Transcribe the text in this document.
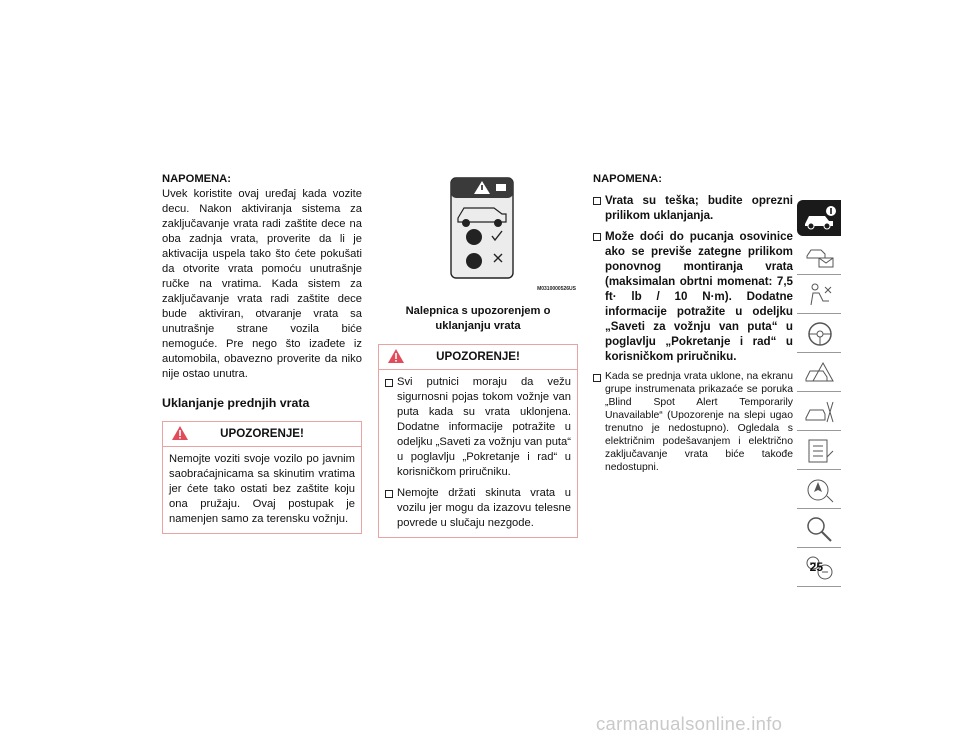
NAPOMENA:
Uvek koristite ovaj uređaj kada vozite decu. Nakon aktiviranja sistema za zaključavanje vrata radi zaštite dece na oba zadnja vrata, proverite da li je aktivacija uspela tako što ćete pokušati da otvorite vrata pomoću unutrašnje ručke na vratima. Kada sistem za zaključavanje vrata radi zaštite dece bude aktiviran, otvaranje vrata sa unutrašnje strane vozila biće nemoguće. Pre nego što izađete iz automobila, obavezno proverite da niko nije ostao unutra.
Uklanjanje prednjih vrata
UPOZORENJE!
Nemojte voziti svoje vozilo po javnim saobraćajnicama sa skinutim vratima jer ćete tako ostati bez zaštite koju ona pružaju. Ovaj postupak je namenjen samo za terensku vožnju.
M0310000526US
Nalepnica s upozorenjem o uklanjanju vrata
UPOZORENJE!
Svi putnici moraju da vežu sigurnosni pojas tokom vožnje van puta kada su vrata uklonjena. Dodatne informacije potražite u odeljku „Saveti za vožnju van puta“ u poglavlju „Pokretanje i rad“ u korisničkom priručniku.
Nemojte držati skinuta vrata u vozilu jer mogu da izazovu telesne povrede u slučaju nezgode.
NAPOMENA:
Vrata su teška; budite oprezni prilikom uklanjanja.
Može doći do pucanja osovinice ako se previše zategne prilikom ponovnog montiranja vrata (maksimalan obrtni momenat: 7,5 ft· lb / 10 N·m). Dodatne informacije potražite u odeljku „Saveti za vožnju van puta“ u poglavlju „Pokretanje i rad“ u korisničkom priručniku.
Kada se prednja vrata uklone, na ekranu grupe instrumenata prikazaće se poruka „Blind Spot Alert Temporarily Unavailable“ (Upozorenje na slepi ugao trenutno je nedostupno). Ogledala s električnim podešavanjem i električno zaključavanje vrata biće takođe nedostupni.
25
carmanualsonline.info
